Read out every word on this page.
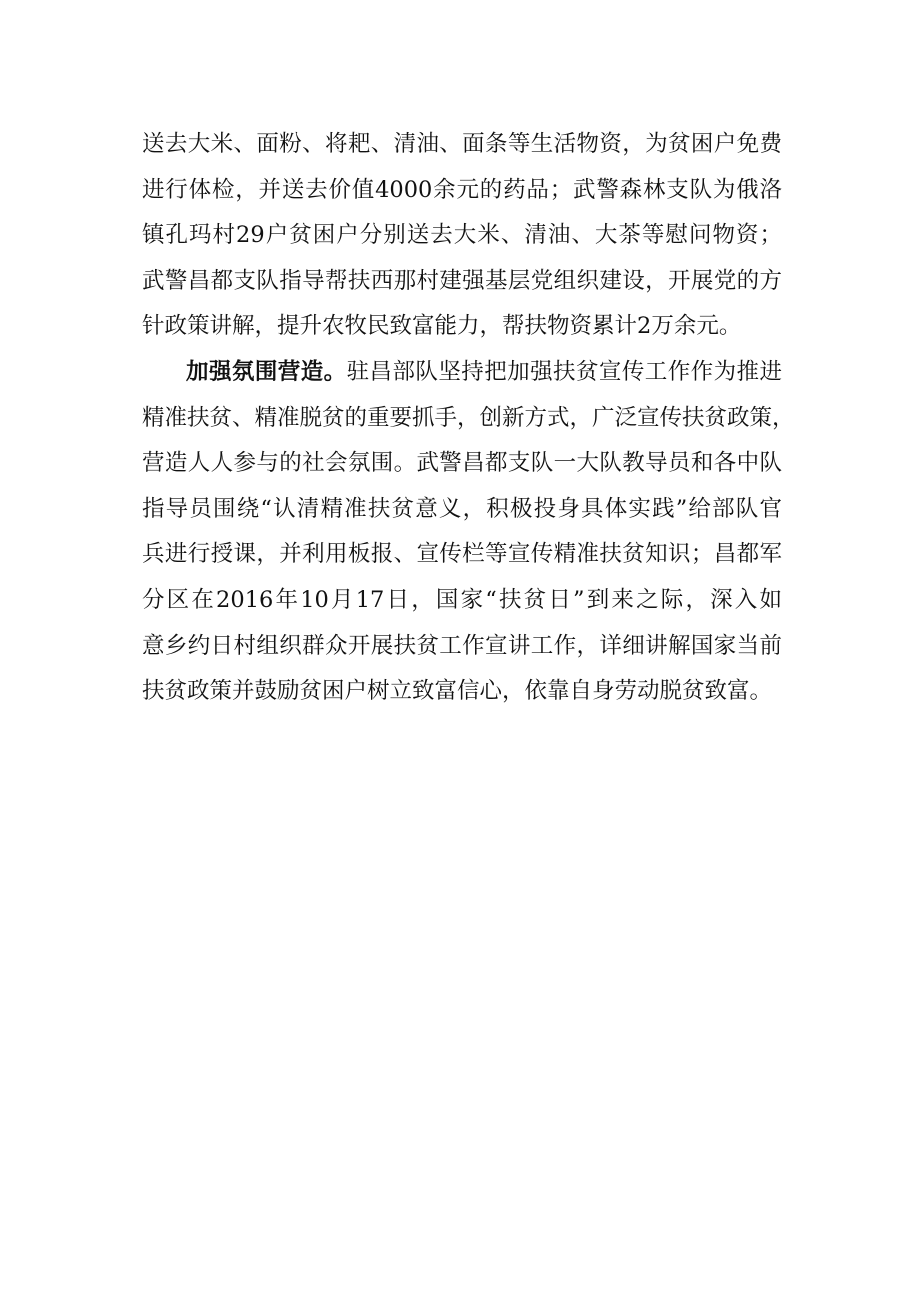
送去大米、面粉、将耙、清油、面条等生活物资，为贫困户免费
进行体检，并送去价值4000余元的药品；武警森林支队为俄洛
镇孔玛村29户贫困户分别送去大米、清油、大茶等慰问物资；
武警昌都支队指导帮扶西那村建强基层党组织建设，开展党的方
针政策讲解，提升农牧民致富能力，帮扶物资累计2万余元。
加强氛围营造。驻昌部队坚持把加强扶贫宣传工作作为推进
精准扶贫、精准脱贫的重要抓手，创新方式，广泛宣传扶贫政策，
营造人人参与的社会氛围。武警昌都支队一大队教导员和各中队
指导员围绕“认清精准扶贫意义，积极投身具体实践”给部队官
兵进行授课，并利用板报、宣传栏等宣传精准扶贫知识；昌都军
分区在2016年10月17日，国家“扶贫日”到来之际，深入如
意乡约日村组织群众开展扶贫工作宣讲工作，详细讲解国家当前
扶贫政策并鼓励贫困户树立致富信心，依靠自身劳动脱贫致富。
